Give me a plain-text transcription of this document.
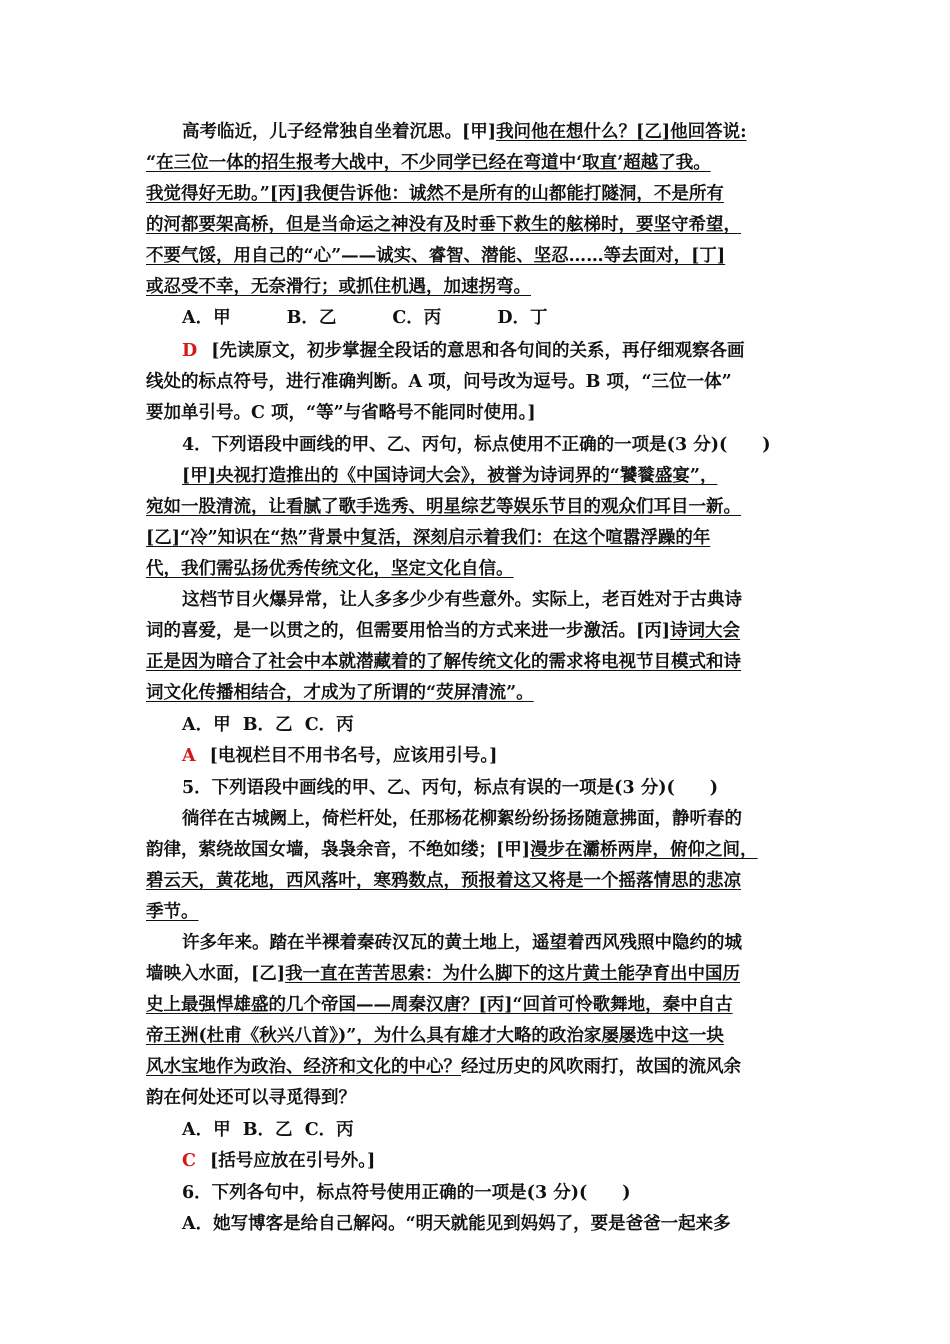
高考临近，儿子经常独自坐着沉思。[甲]我问他在想什么？[乙]他回答说:
“在三位一体的招生报考大战中，不少同学已经在弯道中‘取直’超越了我。
我觉得好无助。”[丙]我便告诉他：诚然不是所有的山都能打隧洞，不是所有
的河都要架高桥，但是当命运之神没有及时垂下救生的舷梯时，要坚守希望，
不要气馁，用自己的“心”——诚实、睿智、潜能、坚忍……等去面对，[丁]
或忍受不幸，无奈滑行；或抓住机遇，加速拐弯。
A．甲	B．乙	C．丙	D．丁
D [先读原文，初步掌握全段话的意思和各句间的关系，再仔细观察各画
线处的标点符号，进行准确判断。A 项，问号改为逗号。B 项，“三位一体”
要加单引号。C 项，“等”与省略号不能同时使用。]
4．下列语段中画线的甲、乙、丙句，标点使用不正确的一项是(3 分)(　　)
[甲]央视打造推出的《中国诗词大会》，被誉为诗词界的“饕餮盛宴”，
宛如一股清流，让看腻了歌手选秀、明星综艺等娱乐节目的观众们耳目一新。
[乙]“冷”知识在“热”背景中复活，深刻启示着我们：在这个喧嚣浮躁的年
代，我们需弘扬优秀传统文化，坚定文化自信。
这档节目火爆异常，让人多多少少有些意外。实际上，老百姓对于古典诗
词的喜爱，是一以贯之的，但需要用恰当的方式来进一步激活。[丙]诗词大会
正是因为暗合了社会中本就潜藏着的了解传统文化的需求将电视节目模式和诗
词文化传播相结合，才成为了所谓的“荧屏清流”。
A．甲  B．乙  C．丙
A [电视栏目不用书名号，应该用引号。]
5．下列语段中画线的甲、乙、丙句，标点有误的一项是(3 分)(　　)
徜徉在古城阙上，倚栏杆处，任那杨花柳絮纷纷扬扬随意拂面，静听春的
韵律，萦绕故国女墙，袅袅余音，不绝如缕；[甲]漫步在灞桥两岸，俯仰之间，
碧云天，黄花地，西风落叶，寒鸦数点，预报着这又将是一个摇落情思的悲凉
季节。
许多年来。踏在半裸着秦砖汉瓦的黄土地上，遥望着西风残照中隐约的城
墙映入水面，[乙]我一直在苦苦思索：为什么脚下的这片黄土能孕育出中国历
史上最强悍雄盛的几个帝国——周秦汉唐？[丙]“回首可怜歌舞地，秦中自古
帝王洲(杜甫《秋兴八首》)”，为什么具有雄才大略的政治家屡屡选中这一块
风水宝地作为政治、经济和文化的中心？经过历史的风吹雨打，故国的流风余
韵在何处还可以寻觅得到？
A．甲  B．乙  C．丙
C [括号应放在引号外。]
6．下列各句中，标点符号使用正确的一项是(3 分)(　　)
A．她写博客是给自己解闷。“明天就能见到妈妈了，要是爸爸一起来多
